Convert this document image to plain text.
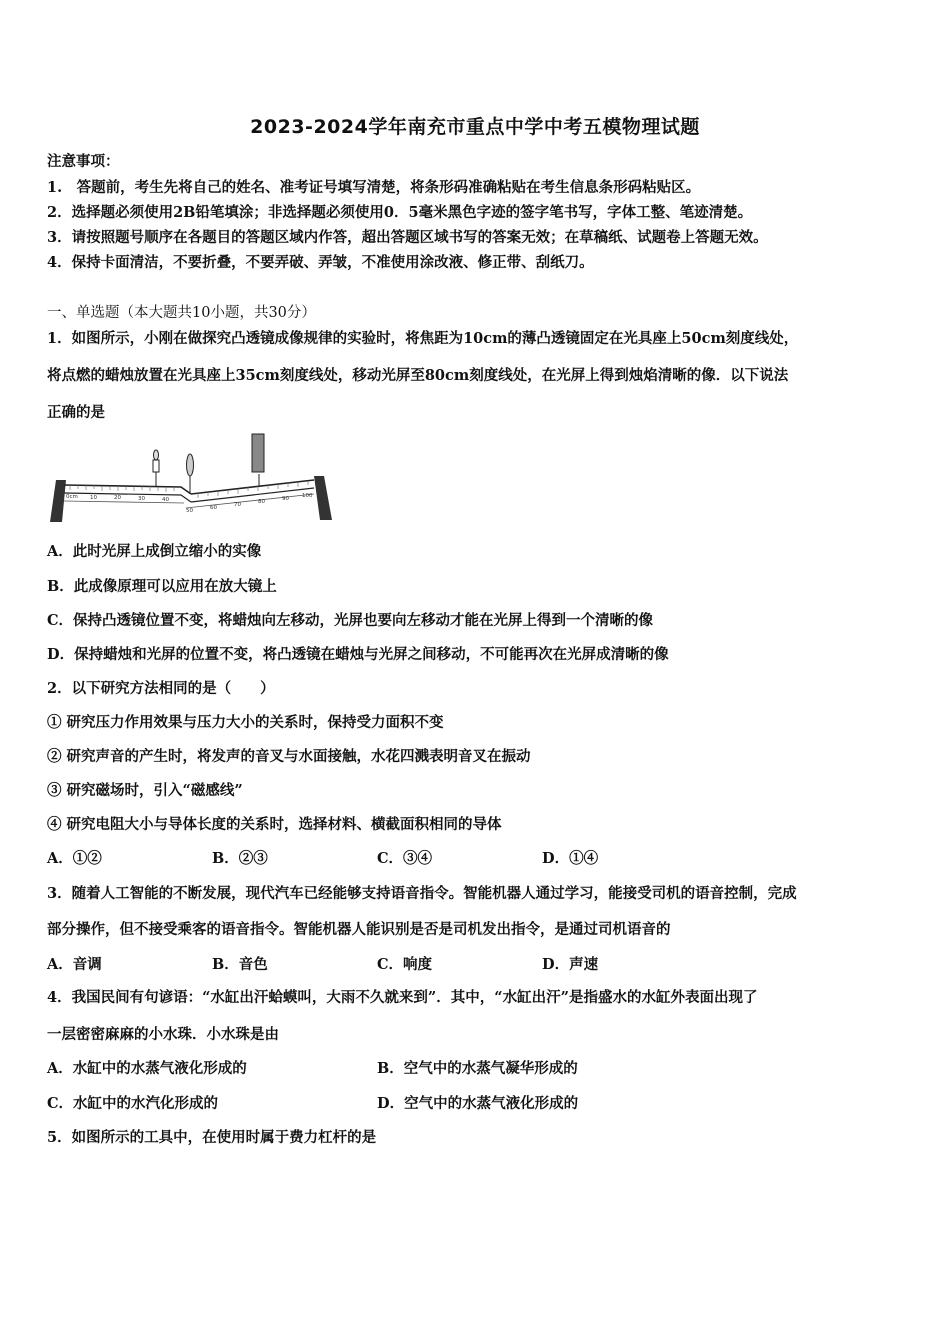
2023-2024学年南充市重点中学中考五模物理试题
注意事项：
1.　答题前，考生先将自己的姓名、准考证号填写清楚，将条形码准确粘贴在考生信息条形码粘贴区。
2．选择题必须使用2B铅笔填涂；非选择题必须使用0．5毫米黑色字迹的签字笔书写，字体工整、笔迹清楚。
3．请按照题号顺序在各题目的答题区域内作答，超出答题区域书写的答案无效；在草稿纸、试题卷上答题无效。
4．保持卡面清洁，不要折叠，不要弄破、弄皱，不准使用涂改液、修正带、刮纸刀。
一、单选题（本大题共10小题，共30分）
1．如图所示，小刚在做探究凸透镜成像规律的实验时，将焦距为10cm的薄凸透镜固定在光具座上50cm刻度线处，
将点燃的蜡烛放置在光具座上35cm刻度线处，移动光屏至80cm刻度线处，在光屏上得到烛焰清晰的像．以下说法
正确的是
0cm 10	20	30	40
50	60	70	80	90 100
A．此时光屏上成倒立缩小的实像
B．此成像原理可以应用在放大镜上
C．保持凸透镜位置不变，将蜡烛向左移动，光屏也要向左移动才能在光屏上得到一个清晰的像
D．保持蜡烛和光屏的位置不变，将凸透镜在蜡烛与光屏之间移动，不可能再次在光屏成清晰的像
2．以下研究方法相同的是（　　）
① 研究压力作用效果与压力大小的关系时，保持受力面积不变
② 研究声音的产生时，将发声的音叉与水面接触，水花四溅表明音叉在振动
③ 研究磁场时，引入“磁感线”
④ 研究电阻大小与导体长度的关系时，选择材料、横截面积相同的导体
A．①②	B．②③	C．③④	D．①④
3．随着人工智能的不断发展，现代汽车已经能够支持语音指令。智能机器人通过学习，能接受司机的语音控制，完成
部分操作，但不接受乘客的语音指令。智能机器人能识别是否是司机发出指令，是通过司机语音的
A．音调	B．音色	C．响度	D．声速
4．我国民间有句谚语：“水缸出汗蛤蟆叫，大雨不久就来到”．其中，“水缸出汗”是指盛水的水缸外表面出现了
一层密密麻麻的小水珠．小水珠是由
A．水缸中的水蒸气液化形成的	B．空气中的水蒸气凝华形成的
C．水缸中的水汽化形成的	D．空气中的水蒸气液化形成的
5．如图所示的工具中，在使用时属于费力杠杆的是
